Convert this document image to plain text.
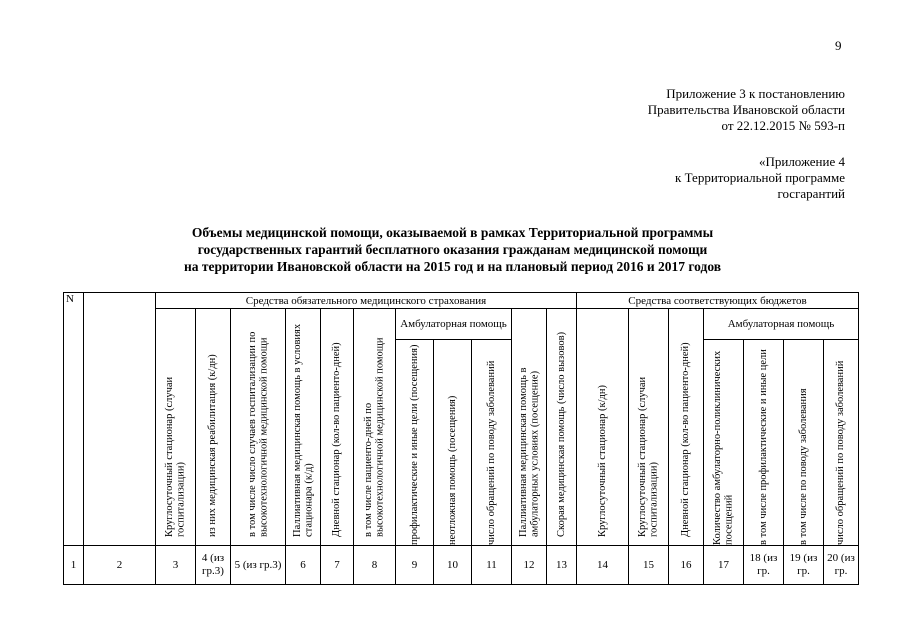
9
Приложение 3 к постановлению
Правительства Ивановской области
от 22.12.2015 № 593-п
«Приложение 4
к Территориальной программе
госгарантий
Объемы медицинской помощи, оказываемой в рамках Территориальной программы
государственных гарантий бесплатного оказания гражданам медицинской помощи
на территории Ивановской области на 2015 год и на плановый период 2016 и 2017 годов
N		Средства обязательного медицинского страхования											Средства соответствующих бюджетов						

		Круглосуточный стационар (случаи госпитализации)	из них медицинская реабилитация (к/дн)	в том числе число случаев госпитализации по высокотехнологичной медицинской помощи	Паллиативная медицинская помощь в условиях стационара (к/д)	Дневной стационар (кол-во пациенто-дней)	в том числе пациенто-дней по высокотехнологичной медицинской помощи	Амбулаторная помощь			Паллиативная медицинская помощь в амбулаторных условиях (посещение)	Скорая медицинская помощь (число вызовов)	Круглосуточный стационар (к/дн)	Круглосуточный стационар (случаи госпитализации)	Дневной стационар (кол-во пациенто-дней)	Амбулаторная помощь			

								профилактические и иные цели (посещения)	неотложная помощь (посещения)	число обращений по поводу заболеваний						Количество амбулаторно-поликлинических посещений	в том числе профилактические и иные цели	в том числе по поводу заболевания	число обращений по поводу заболеваний

1	2	3	4 (из гр.3)	5 (из гр.3)	6	7	8	9	10	11	12	13	14	15	16	17	18 (из гр.	19 (из гр.	20 (из гр.
